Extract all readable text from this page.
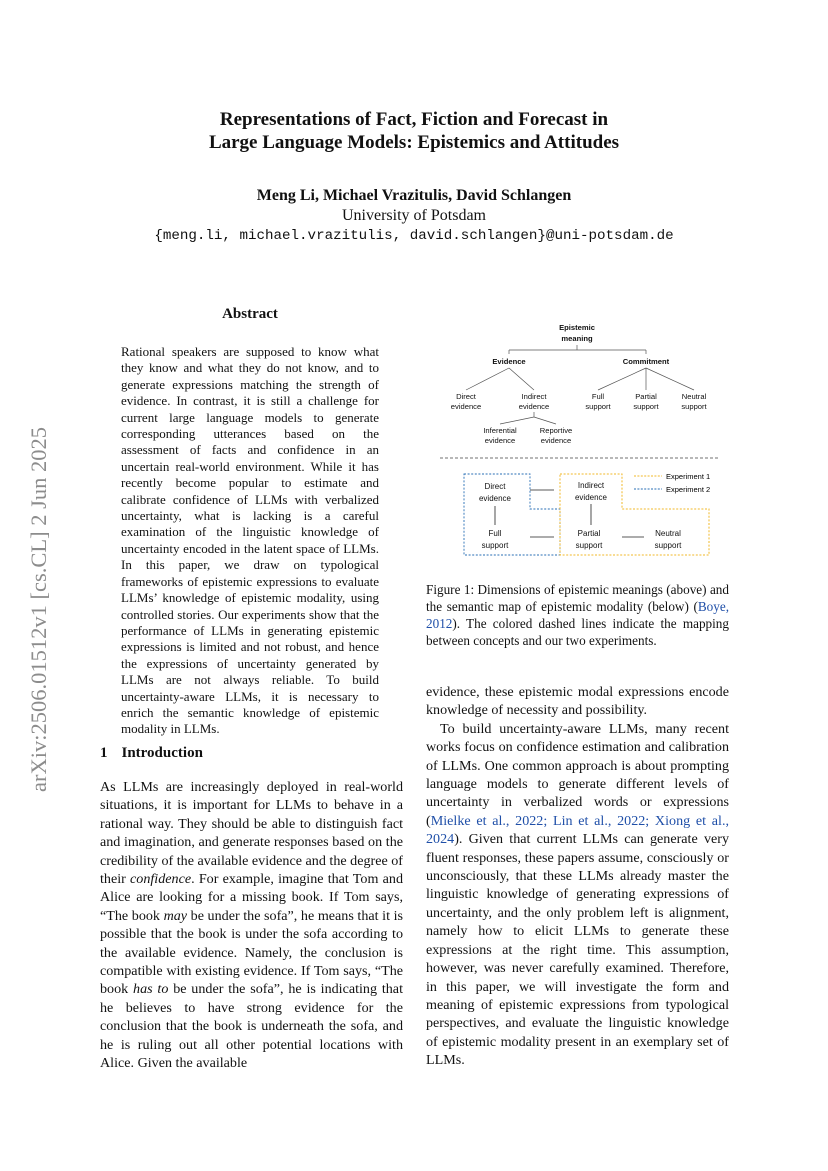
Representations of Fact, Fiction and Forecast in
Large Language Models: Epistemics and Attitudes
Meng Li, Michael Vrazitulis, David Schlangen
University of Potsdam
{meng.li, michael.vrazitulis, david.schlangen}@uni-potsdam.de
arXiv:2506.01512v1 [cs.CL] 2 Jun 2025
Abstract
Rational speakers are supposed to know what they know and what they do not know, and to generate expressions matching the strength of evidence. In contrast, it is still a challenge for current large language models to generate corresponding utterances based on the assessment of facts and confidence in an uncertain real-world environment. While it has recently become popular to estimate and calibrate confidence of LLMs with verbalized uncertainty, what is lacking is a careful examination of the linguistic knowledge of uncertainty encoded in the latent space of LLMs. In this paper, we draw on typological frameworks of epistemic expressions to evaluate LLMs’ knowledge of epistemic modality, using controlled stories. Our experiments show that the performance of LLMs in generating epistemic expressions is limited and not robust, and hence the expressions of uncertainty generated by LLMs are not always reliable. To build uncertainty-aware LLMs, it is necessary to enrich the semantic knowledge of epistemic modality in LLMs.
1 Introduction

As LLMs are increasingly deployed in real-world situations, it is important for LLMs to behave in a rational way. They should be able to distinguish fact and imagination, and generate responses based on the credibility of the available evidence and the degree of their confidence. For example, imagine that Tom and Alice are looking for a missing book. If Tom says, “The book may be under the sofa”, he means that it is possible that the book is under the sofa according to the available evidence. Namely, the conclusion is compatible with existing evidence. If Tom says, “The book has to be under the sofa”, he is indicating that he believes to have strong evidence for the conclusion that the book is underneath the sofa, and he is ruling out all other potential locations with Alice. Given the available

Epistemic
meaning
Evidence	Commitment
Direct
evidence
Indirect
evidence
Full
support
Partial
support
Neutral
support
Inferential
evidence
Reportive
evidence
Direct
evidence
Indirect
evidence
Full
support
Partial
support
Neutral
support
Experiment 1
Experiment 2
Figure 1: Dimensions of epistemic meanings (above) and the semantic map of epistemic modality (below) (Boye, 2012). The colored dashed lines indicate the mapping between concepts and our two experiments.

evidence, these epistemic modal expressions encode knowledge of necessity and possibility.

To build uncertainty-aware LLMs, many recent works focus on confidence estimation and calibration of LLMs. One common approach is about prompting language models to generate different levels of uncertainty in verbalized words or expressions (Mielke et al., 2022; Lin et al., 2022; Xiong et al., 2024). Given that current LLMs can generate very fluent responses, these papers assume, consciously or unconsciously, that these LLMs already master the linguistic knowledge of generating expressions of uncertainty, and the only problem left is alignment, namely how to elicit LLMs to generate these expressions at the right time. This assumption, however, was never carefully examined. Therefore, in this paper, we will investigate the form and meaning of epistemic expressions from typological perspectives, and evaluate the linguistic knowledge of epistemic modality present in an exemplary set of LLMs.
